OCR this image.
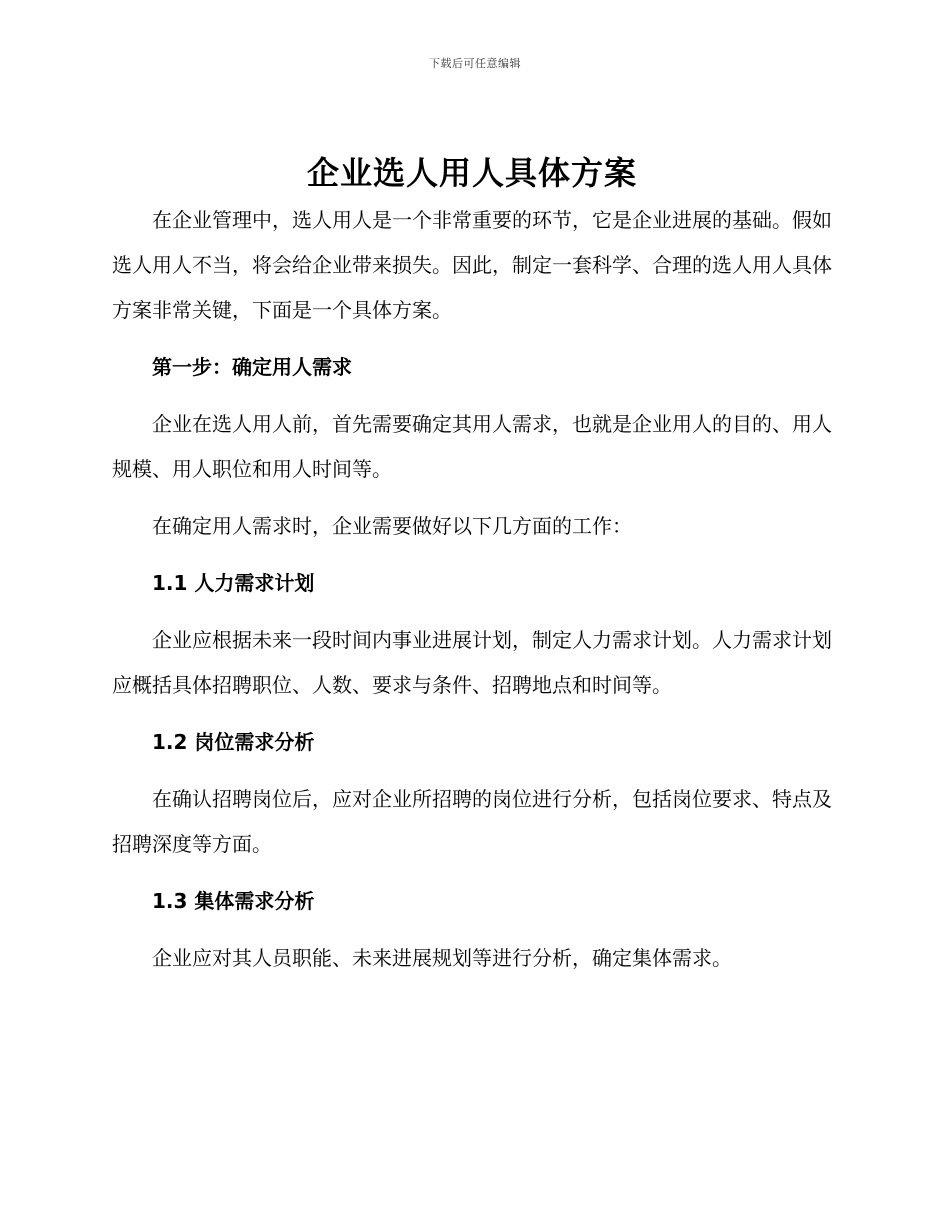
下载后可任意编辑
企业选人用人具体方案

在企业管理中，选人用人是一个非常重要的环节，它是企业进展的基础。假如选人用人不当，将会给企业带来损失。因此，制定一套科学、合理的选人用人具体方案非常关键，下面是一个具体方案。

第一步：确定用人需求

企业在选人用人前，首先需要确定其用人需求，也就是企业用人的目的、用人规模、用人职位和用人时间等。

在确定用人需求时，企业需要做好以下几方面的工作：

1.1 人力需求计划

企业应根据未来一段时间内事业进展计划，制定人力需求计划。人力需求计划应概括具体招聘职位、人数、要求与条件、招聘地点和时间等。

1.2 岗位需求分析

在确认招聘岗位后，应对企业所招聘的岗位进行分析，包括岗位要求、特点及招聘深度等方面。

1.3 集体需求分析

企业应对其人员职能、未来进展规划等进行分析，确定集体需求。
